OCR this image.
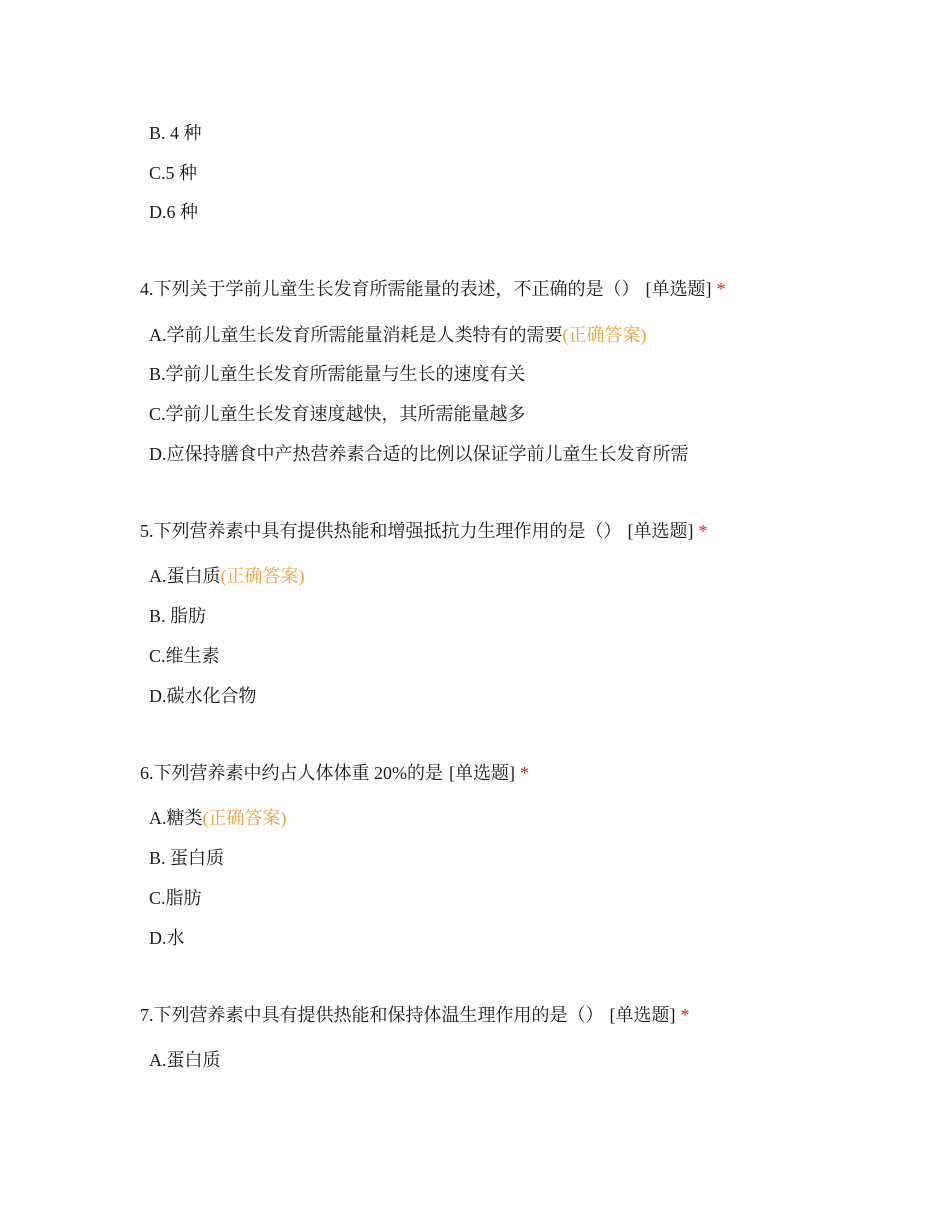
B. 4 种
C.5 种
D.6 种
4.下列关于学前儿童生长发育所需能量的表述，不正确的是（） [单选题] *
A.学前儿童生长发育所需能量消耗是人类特有的需要(正确答案)
B.学前儿童生长发育所需能量与生长的速度有关
C.学前儿童生长发育速度越快，其所需能量越多
D.应保持膳食中产热营养素合适的比例以保证学前儿童生长发育所需
5.下列营养素中具有提供热能和增强抵抗力生理作用的是（） [单选题] *
A.蛋白质(正确答案)
B. 脂肪
C.维生素
D.碳水化合物
6.下列营养素中约占人体体重 20%的是 [单选题] *
A.糖类(正确答案)
B. 蛋白质
C.脂肪
D.水
7.下列营养素中具有提供热能和保持体温生理作用的是（） [单选题] *
A.蛋白质
